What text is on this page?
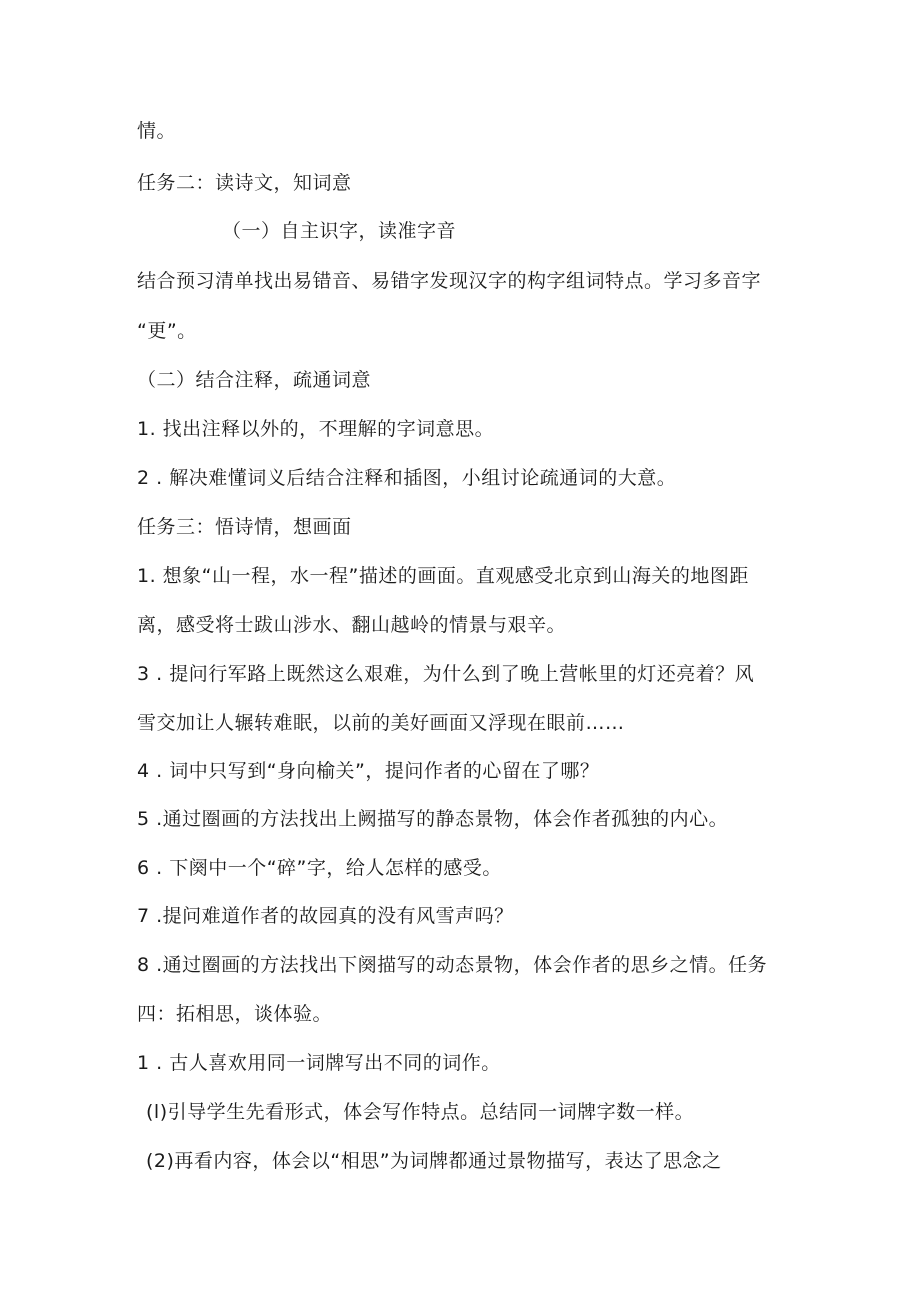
情。
任务二：读诗文，知词意
（一）自主识字，读准字音
结合预习清单找出易错音、易错字发现汉字的构字组词特点。学习多音字
“更”。
（二）结合注释，疏通词意
1. 找出注释以外的，不理解的字词意思。
2 . 解决难懂词义后结合注释和插图，小组讨论疏通词的大意。
任务三：悟诗情，想画面
1. 想象“山一程，水一程”描述的画面。直观感受北京到山海关的地图距
离，感受将士跋山涉水、翻山越岭的情景与艰辛。
3 . 提问行军路上既然这么艰难，为什么到了晚上营帐里的灯还亮着？风
雪交加让人辗转难眠，以前的美好画面又浮现在眼前……
4 . 词中只写到“身向榆关”，提问作者的心留在了哪？
5 .通过圈画的方法找出上阙描写的静态景物，体会作者孤独的内心。
6 . 下阕中一个“碎”字，给人怎样的感受。
7 .提问难道作者的故园真的没有风雪声吗？
8 .通过圈画的方法找出下阕描写的动态景物，体会作者的思乡之情。任务
四：拓相思，谈体验。
1 . 古人喜欢用同一词牌写出不同的词作。
(l)引导学生先看形式，体会写作特点。总结同一词牌字数一样。
(2)再看内容，体会以“相思”为词牌都通过景物描写，表达了思念之
